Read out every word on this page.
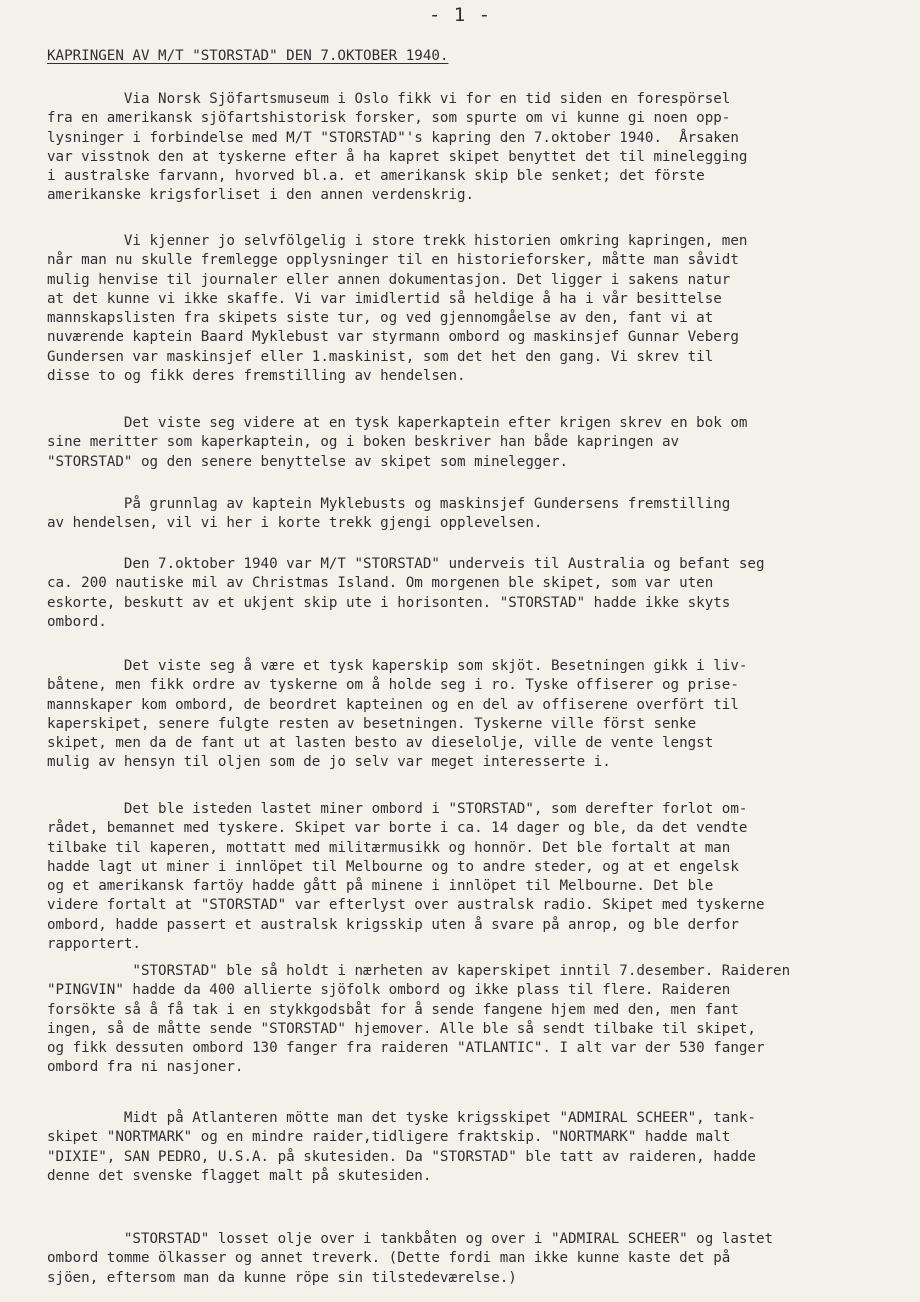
- 1 -
KAPRINGEN AV M/T "STORSTAD" DEN 7.OKTOBER 1940.

Via Norsk Sjöfartsmuseum i Oslo fikk vi for en tid siden en forespörsel
fra en amerikansk sjöfartshistorisk forsker, som spurte om vi kunne gi noen opp-
lysninger i forbindelse med M/T "STORSTAD"'s kapring den 7.oktober 1940.  Årsaken
var visstnok den at tyskerne efter å ha kapret skipet benyttet det til minelegging
i australske farvann, hvorved bl.a. et amerikansk skip ble senket; det förste
amerikanske krigsforliset i den annen verdenskrig.

Vi kjenner jo selvfölgelig i store trekk historien omkring kapringen, men
når man nu skulle fremlegge opplysninger til en historieforsker, måtte man såvidt
mulig henvise til journaler eller annen dokumentasjon. Det ligger i sakens natur
at det kunne vi ikke skaffe. Vi var imidlertid så heldige å ha i vår besittelse
mannskapslisten fra skipets siste tur, og ved gjennomgåelse av den, fant vi at
nuværende kaptein Baard Myklebust var styrmann ombord og maskinsjef Gunnar Veberg
Gundersen var maskinsjef eller 1.maskinist, som det het den gang. Vi skrev til
disse to og fikk deres fremstilling av hendelsen.

Det viste seg videre at en tysk kaperkaptein efter krigen skrev en bok om
sine meritter som kaperkaptein, og i boken beskriver han både kapringen av
"STORSTAD" og den senere benyttelse av skipet som minelegger.

På grunnlag av kaptein Myklebusts og maskinsjef Gundersens fremstilling
av hendelsen, vil vi her i korte trekk gjengi opplevelsen.

Den 7.oktober 1940 var M/T "STORSTAD" underveis til Australia og befant seg
ca. 200 nautiske mil av Christmas Island. Om morgenen ble skipet, som var uten
eskorte, beskutt av et ukjent skip ute i horisonten. "STORSTAD" hadde ikke skyts
ombord.

Det viste seg å være et tysk kaperskip som skjöt. Besetningen gikk i liv-
båtene, men fikk ordre av tyskerne om å holde seg i ro. Tyske offiserer og prise-
mannskaper kom ombord, de beordret kapteinen og en del av offiserene overfört til
kaperskipet, senere fulgte resten av besetningen. Tyskerne ville först senke
skipet, men da de fant ut at lasten besto av dieselolje, ville de vente lengst
mulig av hensyn til oljen som de jo selv var meget interesserte i.

Det ble isteden lastet miner ombord i "STORSTAD", som derefter forlot om-
rådet, bemannet med tyskere. Skipet var borte i ca. 14 dager og ble, da det vendte
tilbake til kaperen, mottatt med militærmusikk og honnör. Det ble fortalt at man
hadde lagt ut miner i innlöpet til Melbourne og to andre steder, og at et engelsk
og et amerikansk fartöy hadde gått på minene i innlöpet til Melbourne. Det ble
videre fortalt at "STORSTAD" var efterlyst over australsk radio. Skipet med tyskerne
ombord, hadde passert et australsk krigsskip uten å svare på anrop, og ble derfor
rapportert.

"STORSTAD" ble så holdt i nærheten av kaperskipet inntil 7.desember. Raideren
"PINGVIN" hadde da 400 allierte sjöfolk ombord og ikke plass til flere. Raideren
forsökte så å få tak i en stykkgodsbåt for å sende fangene hjem med den, men fant
ingen, så de måtte sende "STORSTAD" hjemover. Alle ble så sendt tilbake til skipet,
og fikk dessuten ombord 130 fanger fra raideren "ATLANTIC". I alt var der 530 fanger
ombord fra ni nasjoner.

Midt på Atlanteren mötte man det tyske krigsskipet "ADMIRAL SCHEER", tank-
skipet "NORTMARK" og en mindre raider,tidligere fraktskip. "NORTMARK" hadde malt
"DIXIE", SAN PEDRO, U.S.A. på skutesiden. Da "STORSTAD" ble tatt av raideren, hadde
denne det svenske flagget malt på skutesiden.

"STORSTAD" losset olje over i tankbåten og over i "ADMIRAL SCHEER" og lastet
ombord tomme ölkasser og annet treverk. (Dette fordi man ikke kunne kaste det på
sjöen, eftersom man da kunne röpe sin tilstedeværelse.)
